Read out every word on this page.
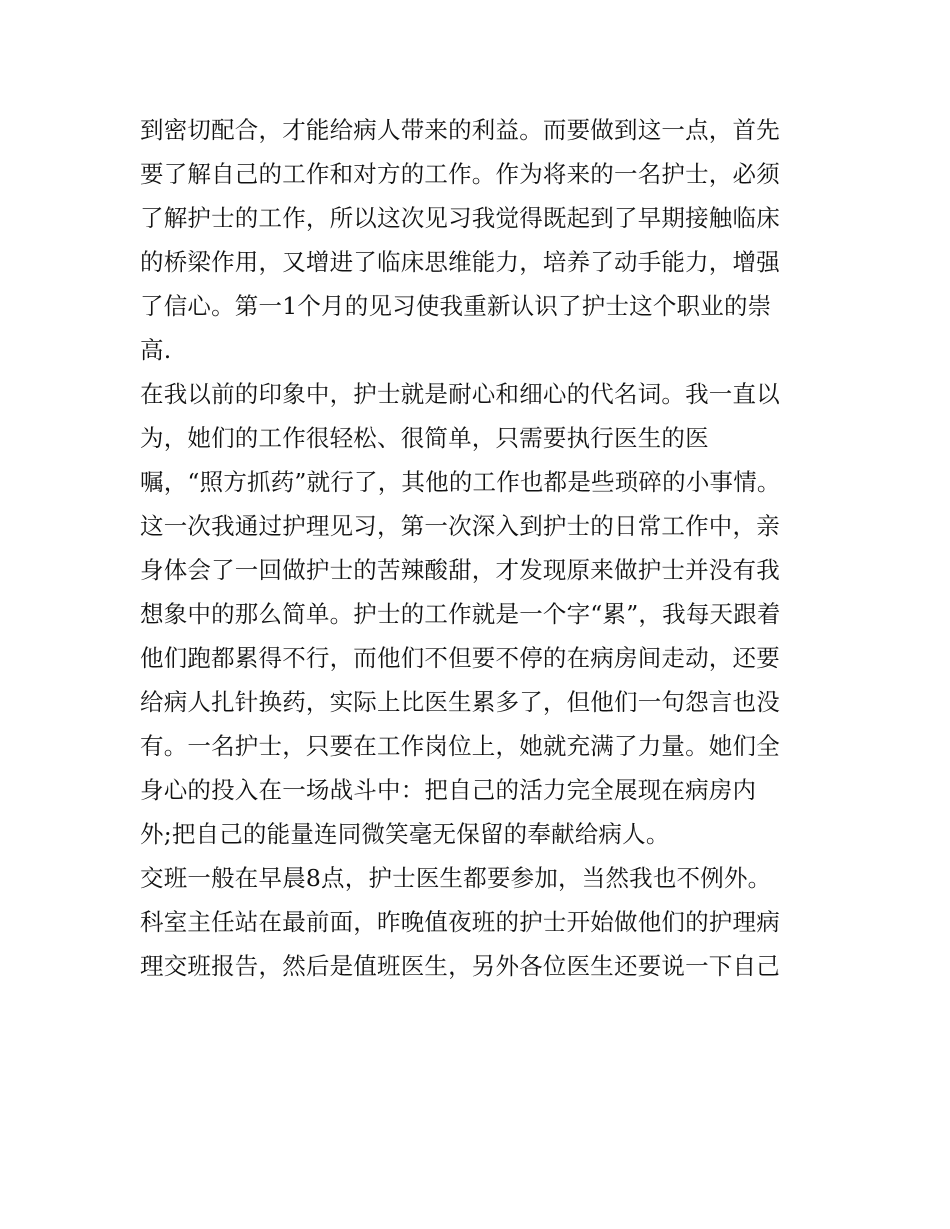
到密切配合，才能给病人带来的利益。而要做到这一点，首先
要了解自己的工作和对方的工作。作为将来的一名护士，必须
了解护士的工作，所以这次见习我觉得既起到了早期接触临床
的桥梁作用，又增进了临床思维能力，培养了动手能力，增强
了信心。第一1个月的见习使我重新认识了护士这个职业的崇
高.
在我以前的印象中，护士就是耐心和细心的代名词。我一直以
为，她们的工作很轻松、很简单，只需要执行医生的医
嘱，“照方抓药”就行了，其他的工作也都是些琐碎的小事情。
这一次我通过护理见习，第一次深入到护士的日常工作中，亲
身体会了一回做护士的苦辣酸甜，才发现原来做护士并没有我
想象中的那么简单。护士的工作就是一个字“累”，我每天跟着
他们跑都累得不行，而他们不但要不停的在病房间走动，还要
给病人扎针换药，实际上比医生累多了，但他们一句怨言也没
有。一名护士，只要在工作岗位上，她就充满了力量。她们全
身心的投入在一场战斗中：把自己的活力完全展现在病房内
外;把自己的能量连同微笑毫无保留的奉献给病人。
交班一般在早晨8点，护士医生都要参加，当然我也不例外。
科室主任站在最前面，昨晚值夜班的护士开始做他们的护理病
理交班报告，然后是值班医生，另外各位医生还要说一下自己
